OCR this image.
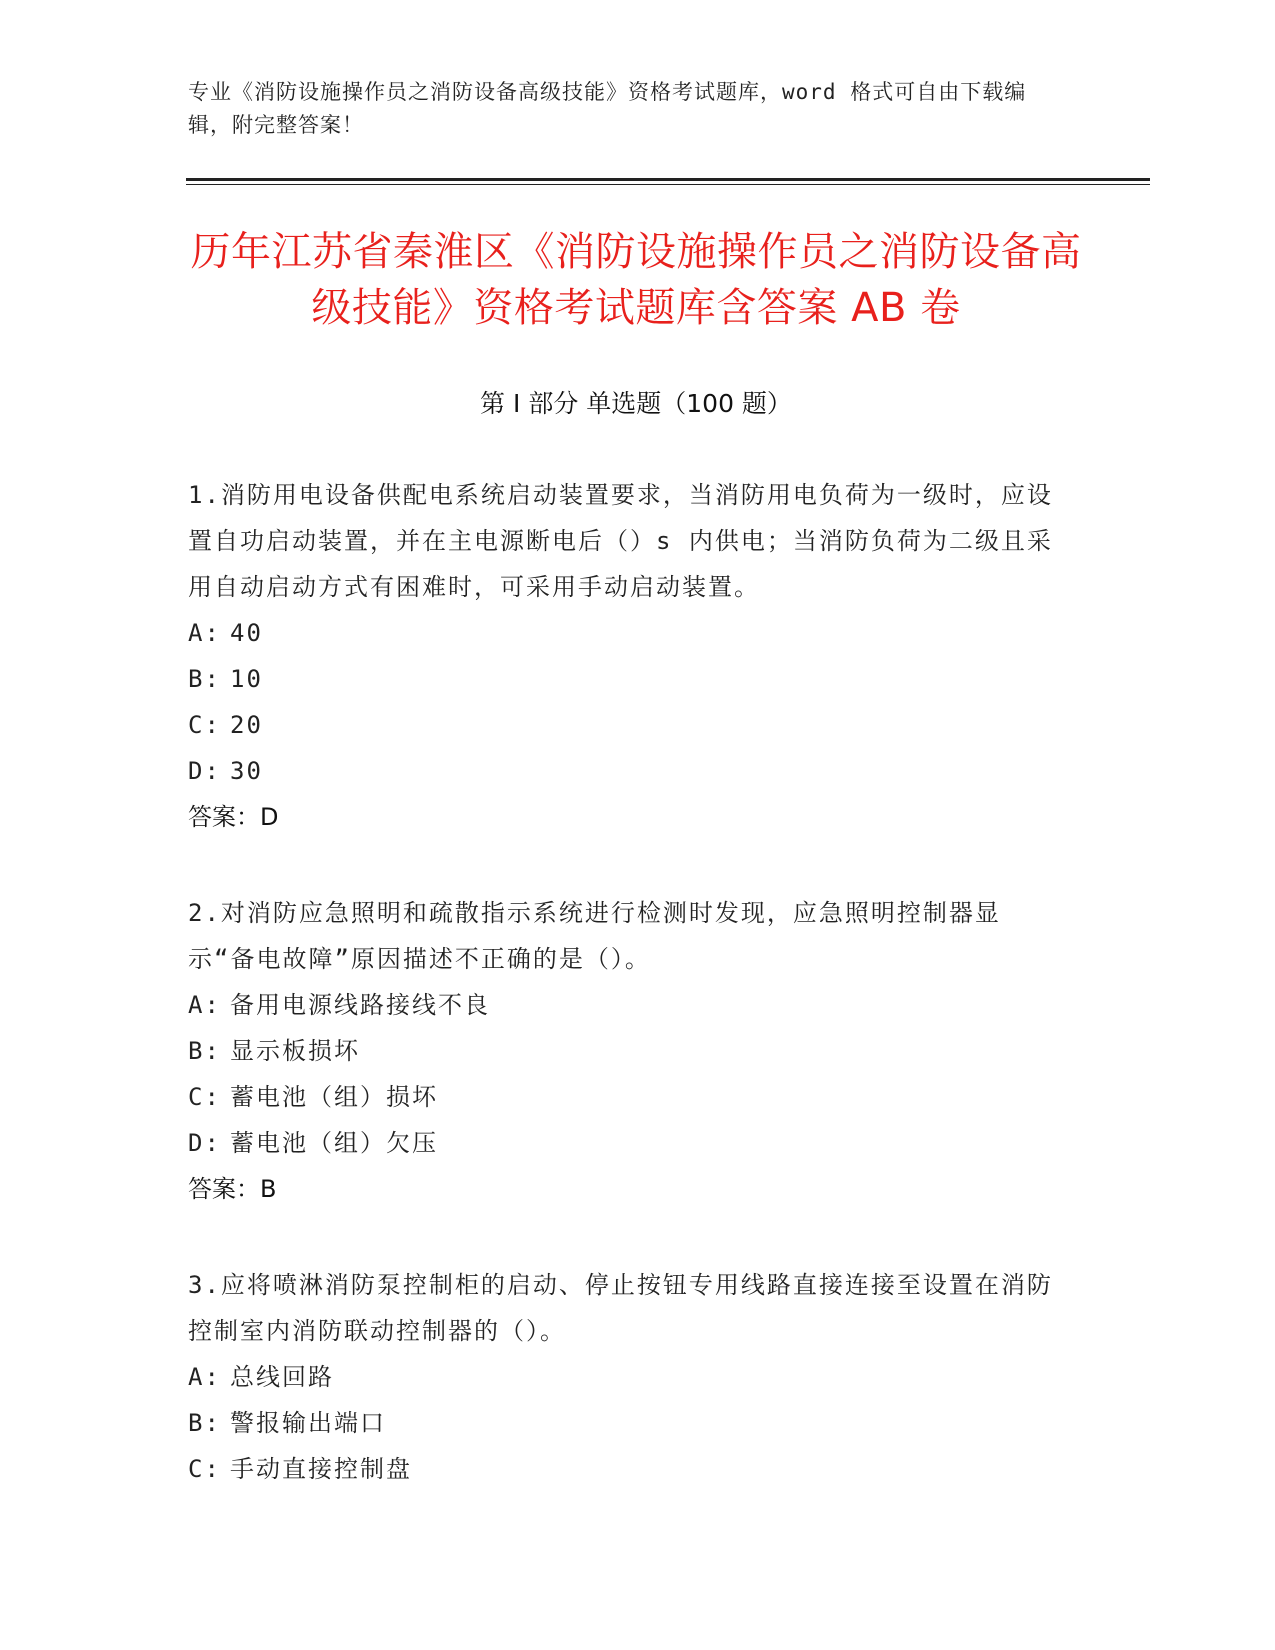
专业《消防设施操作员之消防设备高级技能》资格考试题库，word 格式可自由下载编辑，附完整答案！
历年江苏省秦淮区《消防设施操作员之消防设备高级技能》资格考试题库含答案 AB 卷
第 I 部分 单选题（100 题）
1.消防用电设备供配电系统启动装置要求，当消防用电负荷为一级时，应设置自功启动装置，并在主电源断电后（）s 内供电；当消防负荷为二级且采用自动启动方式有困难时，可采用手动启动装置。
A: 40
B: 10
C: 20
D: 30
答案：D
2.对消防应急照明和疏散指示系统进行检测时发现，应急照明控制器显示“备电故障”原因描述不正确的是（）。
A: 备用电源线路接线不良
B: 显示板损坏
C: 蓄电池（组）损坏
D: 蓄电池（组）欠压
答案：B
3.应将喷淋消防泵控制柜的启动、停止按钮专用线路直接连接至设置在消防控制室内消防联动控制器的（）。
A: 总线回路
B: 警报输出端口
C: 手动直接控制盘
